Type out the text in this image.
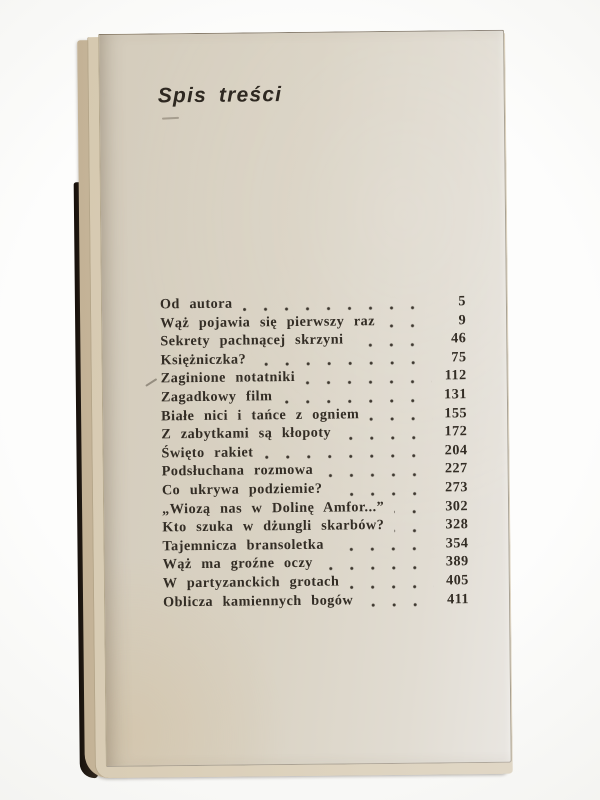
Spis treści
Od autora	5
Wąż pojawia się pierwszy raz	9
Sekrety pachnącej skrzyni	46
Księżniczka?	75
Zaginione notatniki	112
Zagadkowy film	131
Białe nici i tańce z ogniem	155
Z zabytkami są kłopoty	172
Święto rakiet	204
Podsłuchana rozmowa	227
Co ukrywa podziemie?	273
„Wiozą nas w Dolinę Amfor...”	302
Kto szuka w dżungli skarbów?	328
Tajemnicza bransoletka	354
Wąż ma groźne oczy	389
W partyzanckich grotach	405
Oblicza kamiennych bogów	411
